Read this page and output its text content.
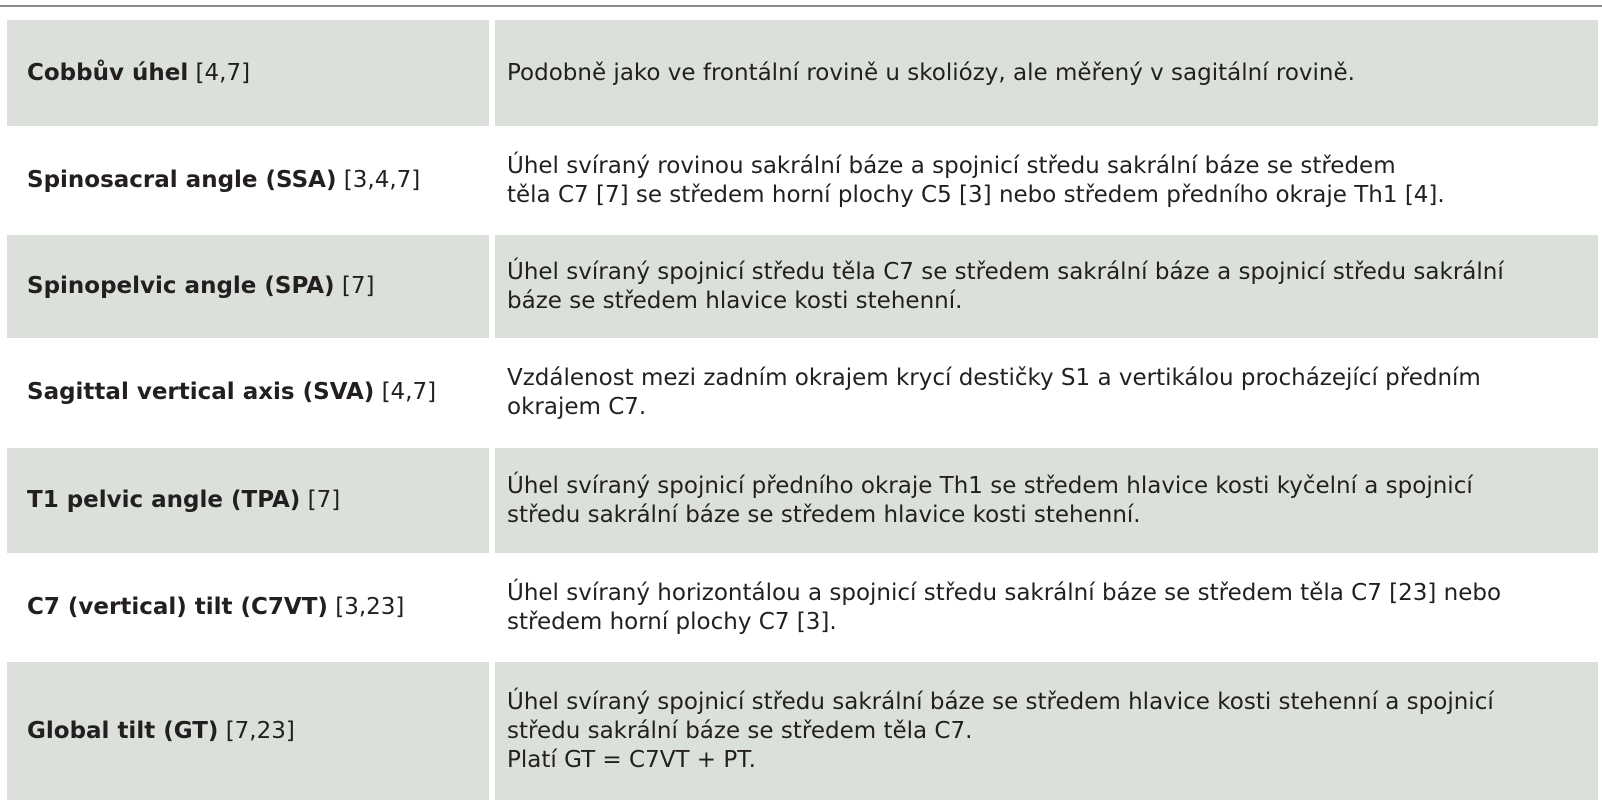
Cobbův úhel [4,7]	Podobně jako ve frontální rovině u skoliózy, ale měřený v sagitální rovině.
Spinosacral angle (SSA) [3,4,7]
Úhel svíraný rovinou sakrální báze a spojnicí středu sakrální báze se středem
těla C7 [7] se středem horní plochy C5 [3] nebo středem předního okraje Th1 [4].
Spinopelvic angle (SPA) [7]
Úhel svíraný spojnicí středu těla C7 se středem sakrální báze a spojnicí středu sakrální
báze se středem hlavice kosti stehenní.
Sagittal vertical axis (SVA) [4,7]
Vzdálenost mezi zadním okrajem krycí destičky S1 a vertikálou procházející předním
okrajem C7.
T1 pelvic angle (TPA) [7]
Úhel svíraný spojnicí předního okraje Th1 se středem hlavice kosti kyčelní a spojnicí
středu sakrální báze se středem hlavice kosti stehenní.
C7 (vertical) tilt (C7VT) [3,23]
Úhel svíraný horizontálou a spojnicí středu sakrální báze se středem těla C7 [23] nebo
středem horní plochy C7 [3].
Global tilt (GT) [7,23]
Úhel svíraný spojnicí středu sakrální báze se středem hlavice kosti stehenní a spojnicí
středu sakrální báze se středem těla C7.
Platí GT = C7VT + PT.
